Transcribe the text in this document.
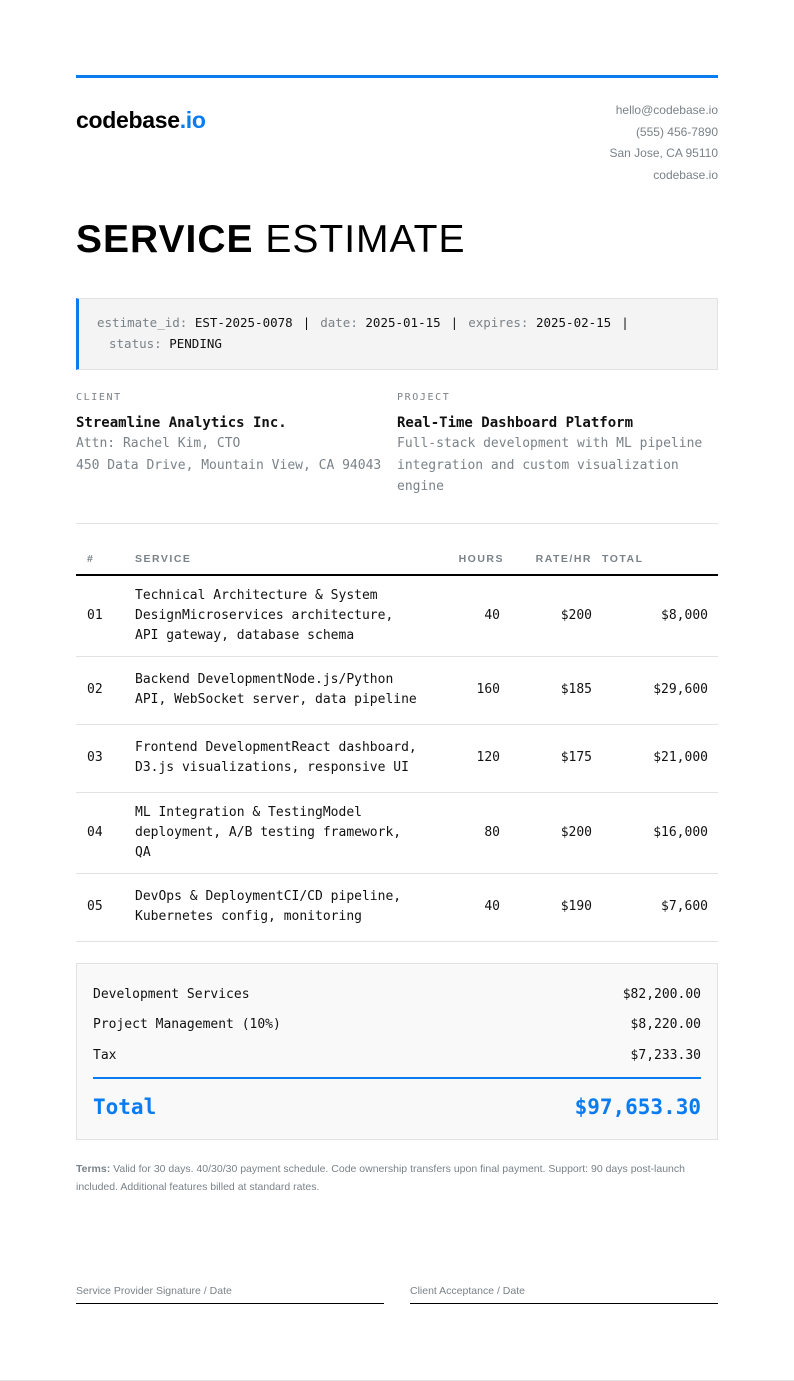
codebase.io	hello@codebase.io
(555) 456-7890
San Jose, CA 95110
codebase.io
SERVICE ESTIMATE
estimate_id: EST-2025-0078 | date: 2025-01-15 | expires: 2025-02-15 |
status: PENDING
CLIENT
Streamline Analytics Inc.
Attn: Rachel Kim, CTO
450 Data Drive, Mountain View, CA 94043
PROJECT
Real-Time Dashboard Platform
Full-stack development with ML pipeline integration and custom visualization engine
#	SERVICE	HOURS	RATE/HR	TOTAL
01	Technical Architecture & System DesignMicroservices architecture, API gateway, database schema	40	$200	$8,000
02	Backend DevelopmentNode.js/Python API, WebSocket server, data pipeline	160	$185	$29,600
03	Frontend DevelopmentReact dashboard, D3.js visualizations, responsive UI	120	$175	$21,000
04	ML Integration & TestingModel deployment, A/B testing framework, QA	80	$200	$16,000
05	DevOps & DeploymentCI/CD pipeline, Kubernetes config, monitoring	40	$190	$7,600
Development Services	$82,200.00
Project Management (10%)	$8,220.00
Tax	$7,233.30
Total	$97,653.30
Terms: Valid for 30 days. 40/30/30 payment schedule. Code ownership transfers upon final payment. Support: 90 days post-launch included. Additional features billed at standard rates.
Service Provider Signature / Date	Client Acceptance / Date
